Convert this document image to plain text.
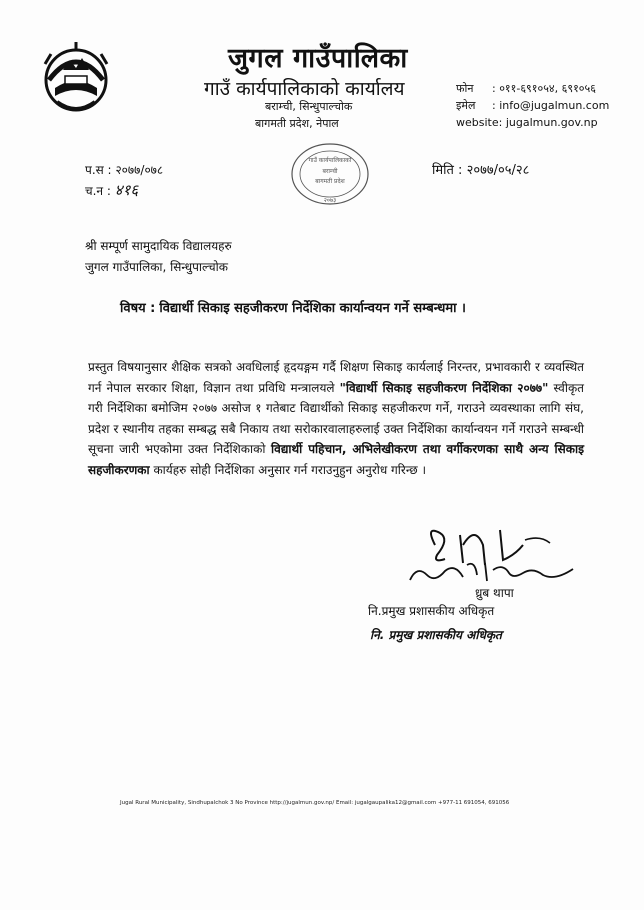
जुगल गाउँपालिका
गाउँ कार्यपालिकाको कार्यालय
बराम्ची, सिन्धुपाल्चोक
बागमती प्रदेश, नेपाल
फोन : ०११-६९१०५४, ६९१०५६
इमेल : info@jugalmun.com
website: jugalmun.gov.np
प.स : २०७७/०७८
च.न : ४१६
गाउँ कार्यपालिकाको
बराम्ची
बागमती प्रदेश
२०७३
मिति : २०७७/०५/२८
श्री सम्पूर्ण सामुदायिक विद्यालयहरु
जुगल गाउँपालिका, सिन्धुपाल्चोक
विषय : विद्यार्थी सिकाइ सहजीकरण निर्देशिका कार्यान्वयन गर्ने सम्बन्धमा ।
प्रस्तुत विषयानुसार शैक्षिक सत्रको अवधिलाई हृदयङ्गम गर्दै शिक्षण सिकाइ कार्यलाई निरन्तर, प्रभावकारी र व्यवस्थित गर्न नेपाल सरकार शिक्षा, विज्ञान तथा प्रविधि मन्त्रालयले "विद्यार्थी सिकाइ सहजीकरण निर्देशिका २०७७" स्वीकृत गरी निर्देशिका बमोजिम २०७७ असोज १ गतेबाट विद्यार्थीको सिकाइ सहजीकरण गर्ने, गराउने व्यवस्थाका लागि संघ, प्रदेश र स्थानीय तहका सम्बद्ध सबै निकाय तथा सरोकारवालाहरुलाई उक्त निर्देशिका कार्यान्वयन गर्ने गराउने सम्बन्धी सूचना जारी भएकोमा उक्त निर्देशिकाको विद्यार्थी पहिचान, अभिलेखीकरण तथा वर्गीकरणका साथै अन्य सिकाइ सहजीकरणका कार्यहरु सोही निर्देशिका अनुसार गर्न गराउनुहुन अनुरोध गरिन्छ ।
ध्रुब थापा
नि.प्रमुख प्रशासकीय अधिकृत
नि. प्रमुख प्रशासकीय अधिकृत
Jugal Rural Municipality, Sindhupalchok 3 No Province http://jugalmun.gov.np/ Email: jugalgaupalika12@gmail.com +977-11 691054, 691056
